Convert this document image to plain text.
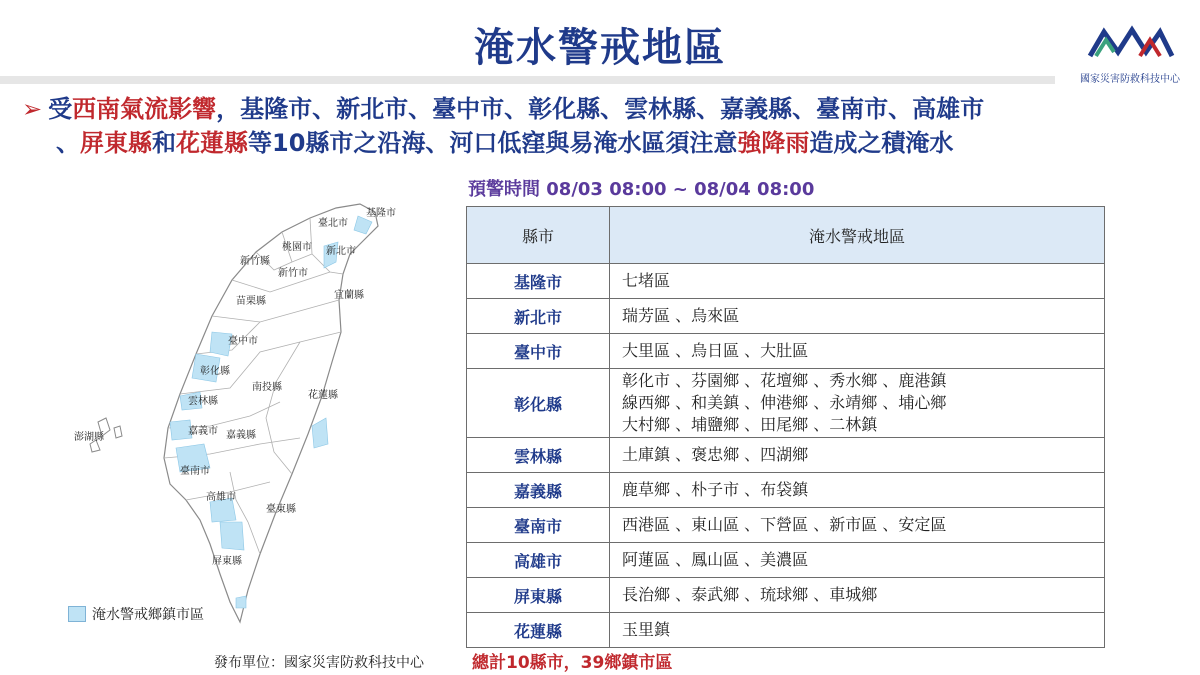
淹水警戒地區
國家災害防救科技中心
➢ 受西南氣流影響，基隆市、新北市、臺中市、彰化縣、雲林縣、嘉義縣、臺南市、高雄市
、屏東縣和花蓮縣等10縣市之沿海、河口低窪與易淹水區須注意強降雨造成之積淹水
預警時間 08/03 08:00 ~ 08/04 08:00
縣市	淹水警戒地區
基隆市	七堵區

新北市	瑞芳區 、烏來區

臺中市	大里區 、烏日區 、大肚區

彰化縣	彰化市 、芬園鄉 、花壇鄉 、秀水鄉 、鹿港鎮
線西鄉 、和美鎮 、伸港鄉 、永靖鄉 、埔心鄉
大村鄉 、埔鹽鄉 、田尾鄉 、二林鎮

雲林縣	土庫鎮 、褒忠鄉 、四湖鄉

嘉義縣	鹿草鄉 、朴子市 、布袋鎮

臺南市	西港區 、東山區 、下營區 、新市區 、安定區

高雄市	阿蓮區 、鳳山區 、美濃區

屏東縣	長治鄉 、泰武鄉 、琉球鄉 、車城鄉

花蓮縣	玉里鎮
總計10縣市，39鄉鎮市區
發布單位：國家災害防救科技中心
基隆市
臺北市
桃園市 新北市
新竹縣
新竹市
宜蘭縣
苗栗縣
臺中市
彰化縣
南投縣
花蓮縣
雲林縣
嘉義市 嘉義縣
澎湖縣
臺南市
高雄市
臺東縣
屏東縣
淹水警戒鄉鎮市區
